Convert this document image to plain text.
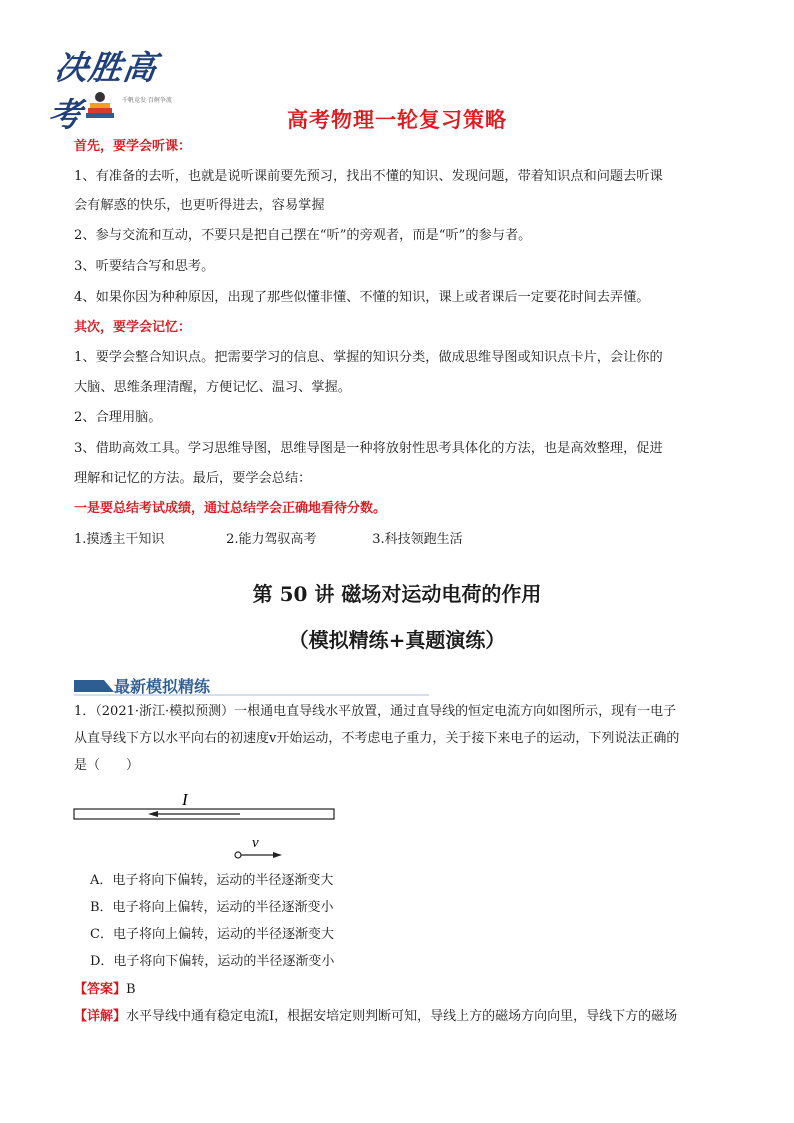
决胜高考	千帆竞发 百舸争流
高考物理一轮复习策略
首先，要学会听课：
1、有准备的去听，也就是说听课前要先预习，找出不懂的知识、发现问题，带着知识点和问题去听课
会有解惑的快乐，也更听得进去，容易掌握
2、参与交流和互动，不要只是把自己摆在“听”的旁观者，而是“听”的参与者。
3、听要结合写和思考。
4、如果你因为种种原因，出现了那些似懂非懂、不懂的知识，课上或者课后一定要花时间去弄懂。
其次，要学会记忆：
1、要学会整合知识点。把需要学习的信息、掌握的知识分类，做成思维导图或知识点卡片，会让你的
大脑、思维条理清醒，方便记忆、温习、掌握。
2、合理用脑。
3、借助高效工具。学习思维导图，思维导图是一种将放射性思考具体化的方法，也是高效整理，促进
理解和记忆的方法。最后，要学会总结：
一是要总结考试成绩，通过总结学会正确地看待分数。
1.摸透主干知识	2.能力驾驭高考	3.科技领跑生活
第 50 讲 磁场对运动电荷的作用
（模拟精练+真题演练）
最新模拟精练
1．（2021·浙江·模拟预测）一根通电直导线水平放置，通过直导线的恒定电流方向如图所示，现有一电子
从直导线下方以水平向右的初速度v开始运动，不考虑电子重力，关于接下来电子的运动，下列说法正确的
是（　　）
I
v
A．电子将向下偏转，运动的半径逐渐变大
B．电子将向上偏转，运动的半径逐渐变小
C．电子将向上偏转，运动的半径逐渐变大
D．电子将向下偏转，运动的半径逐渐变小
【答案】B
【详解】水平导线中通有稳定电流I，根据安培定则判断可知，导线上方的磁场方向向里，导线下方的磁场
